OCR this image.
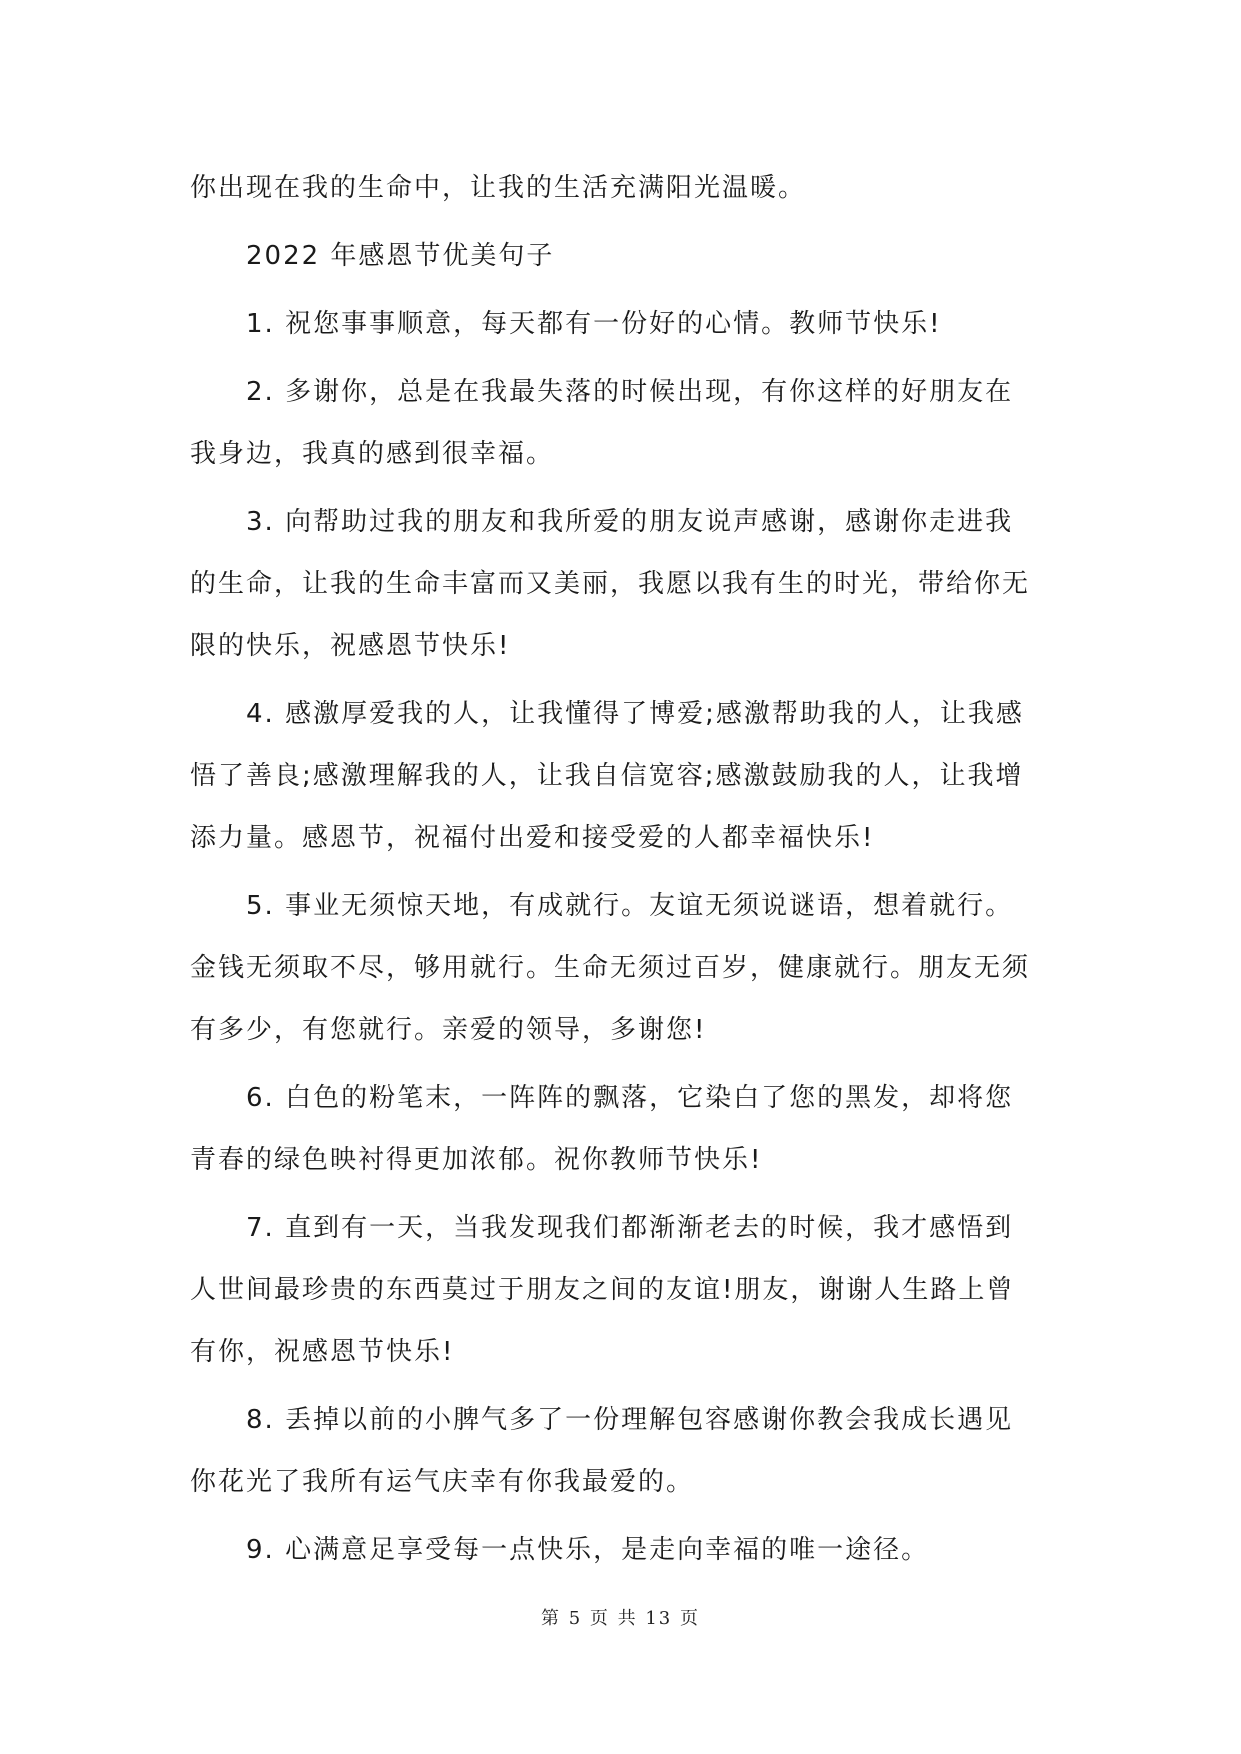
你出现在我的生命中，让我的生活充满阳光温暖。
2022 年感恩节优美句子
1. 祝您事事顺意，每天都有一份好的心情。教师节快乐!
2. 多谢你，总是在我最失落的时候出现，有你这样的好朋友在
我身边，我真的感到很幸福。
3. 向帮助过我的朋友和我所爱的朋友说声感谢，感谢你走进我
的生命，让我的生命丰富而又美丽，我愿以我有生的时光，带给你无
限的快乐，祝感恩节快乐!
4. 感激厚爱我的人，让我懂得了博爱;感激帮助我的人，让我感
悟了善良;感激理解我的人，让我自信宽容;感激鼓励我的人，让我增
添力量。感恩节，祝福付出爱和接受爱的人都幸福快乐!
5. 事业无须惊天地，有成就行。友谊无须说谜语，想着就行。
金钱无须取不尽，够用就行。生命无须过百岁，健康就行。朋友无须
有多少，有您就行。亲爱的领导，多谢您!
6. 白色的粉笔末，一阵阵的飘落，它染白了您的黑发，却将您
青春的绿色映衬得更加浓郁。祝你教师节快乐!
7. 直到有一天，当我发现我们都渐渐老去的时候，我才感悟到
人世间最珍贵的东西莫过于朋友之间的友谊!朋友，谢谢人生路上曾
有你，祝感恩节快乐!
8. 丢掉以前的小脾气多了一份理解包容感谢你教会我成长遇见
你花光了我所有运气庆幸有你我最爱的。
9. 心满意足享受每一点快乐，是走向幸福的唯一途径。
第 5 页 共 13 页
